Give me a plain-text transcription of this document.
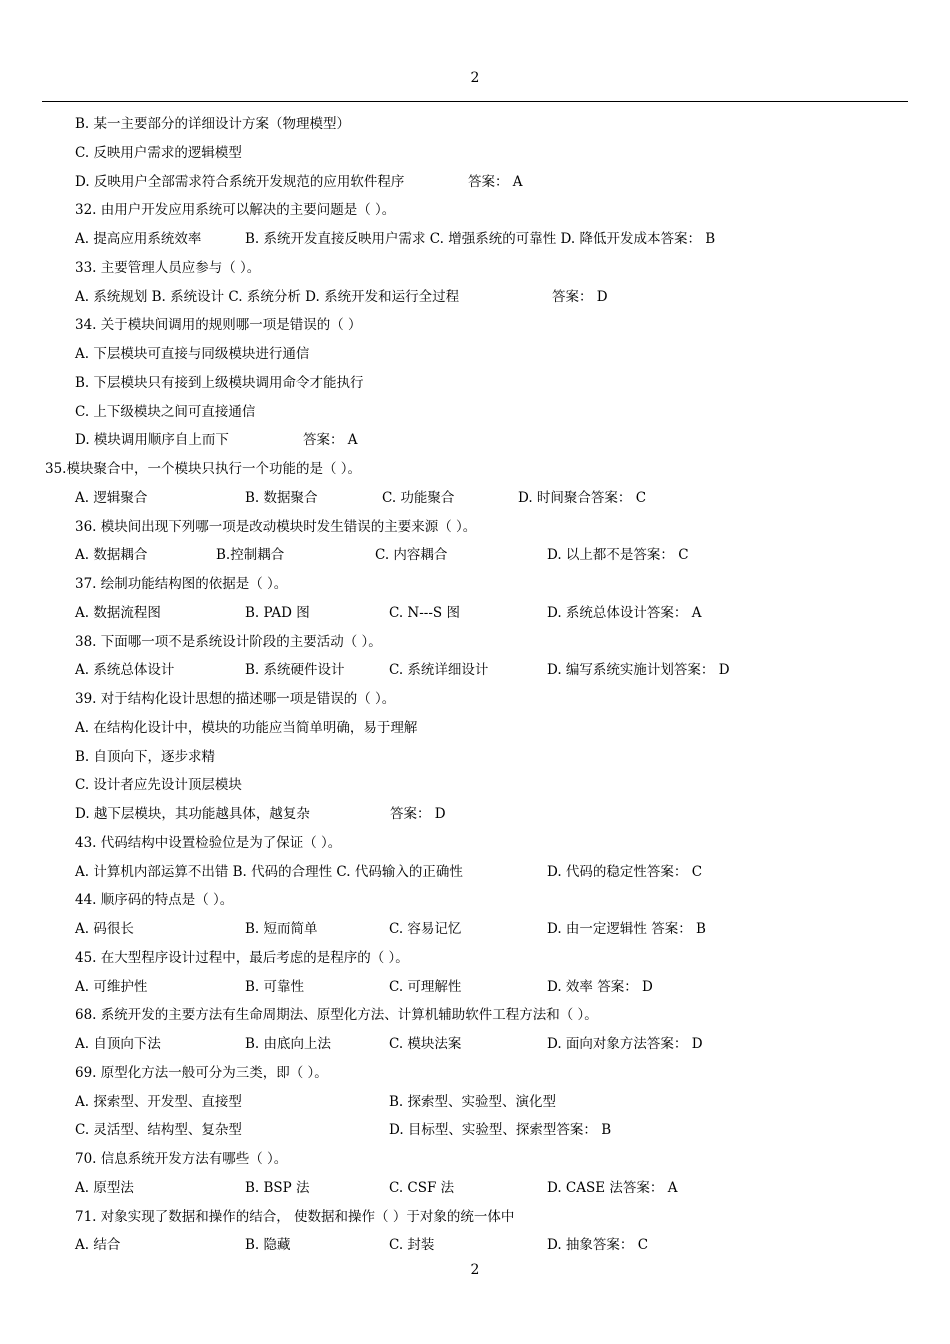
2
B. 某一主要部分的详细设计方案（物理模型）
C. 反映用户需求的逻辑模型
D. 反映用户全部需求符合系统开发规范的应用软件程序	答案： A
32. 由用户开发应用系统可以解决的主要问题是（ ）。
A. 提高应用系统效率	B. 系统开发直接反映用户需求 C. 增强系统的可靠性 D. 降低开发成本答案： B
33. 主要管理人员应参与（ ）。
A. 系统规划 B. 系统设计 C. 系统分析 D. 系统开发和运行全过程	答案： D
34. 关于模块间调用的规则哪一项是错误的（ ）
A. 下层模块可直接与同级模块进行通信
B. 下层模块只有接到上级模块调用命令才能执行
C. 上下级模块之间可直接通信
D. 模块调用顺序自上而下	答案： A
35.模块聚合中，一个模块只执行一个功能的是（ ）。
A. 逻辑聚合	B. 数据聚合	C. 功能聚合	D. 时间聚合答案： C
36. 模块间出现下列哪一项是改动模块时发生错误的主要来源（ ）。
A. 数据耦合	B.控制耦合	C. 内容耦合	D. 以上都不是答案： C
37. 绘制功能结构图的依据是（ ）。
A. 数据流程图	B. PAD 图	C. N---S 图	D. 系统总体设计答案： A
38. 下面哪一项不是系统设计阶段的主要活动（ ）。
A. 系统总体设计	B. 系统硬件设计	C. 系统详细设计	D. 编写系统实施计划答案： D
39. 对于结构化设计思想的描述哪一项是错误的（ ）。
A. 在结构化设计中，模块的功能应当简单明确，易于理解
B. 自顶向下，逐步求精
C. 设计者应先设计顶层模块
D. 越下层模块，其功能越具体，越复杂	答案： D
43. 代码结构中设置检验位是为了保证（ ）。
A. 计算机内部运算不出错 B. 代码的合理性 C. 代码输入的正确性	D. 代码的稳定性答案： C
44. 顺序码的特点是（ ）。
A. 码很长	B. 短而简单	C. 容易记忆	D. 由一定逻辑性 答案： B
45. 在大型程序设计过程中，最后考虑的是程序的（ ）。
A. 可维护性	B. 可靠性	C. 可理解性	D. 效率 答案： D
68. 系统开发的主要方法有生命周期法、原型化方法、计算机辅助软件工程方法和（ ）。
A. 自顶向下法	B. 由底向上法	C. 模块法案	D. 面向对象方法答案： D
69. 原型化方法一般可分为三类，即（ ）。
A. 探索型、开发型、直接型	B. 探索型、实验型、演化型
C. 灵活型、结构型、复杂型	D. 目标型、实验型、探索型答案： B
70. 信息系统开发方法有哪些（ ）。
A. 原型法	B. BSP 法	C. CSF 法	D. CASE 法答案： A
71. 对象实现了数据和操作的结合， 使数据和操作（ ）于对象的统一体中
A. 结合	B. 隐藏	C. 封装	D. 抽象答案： C
2
